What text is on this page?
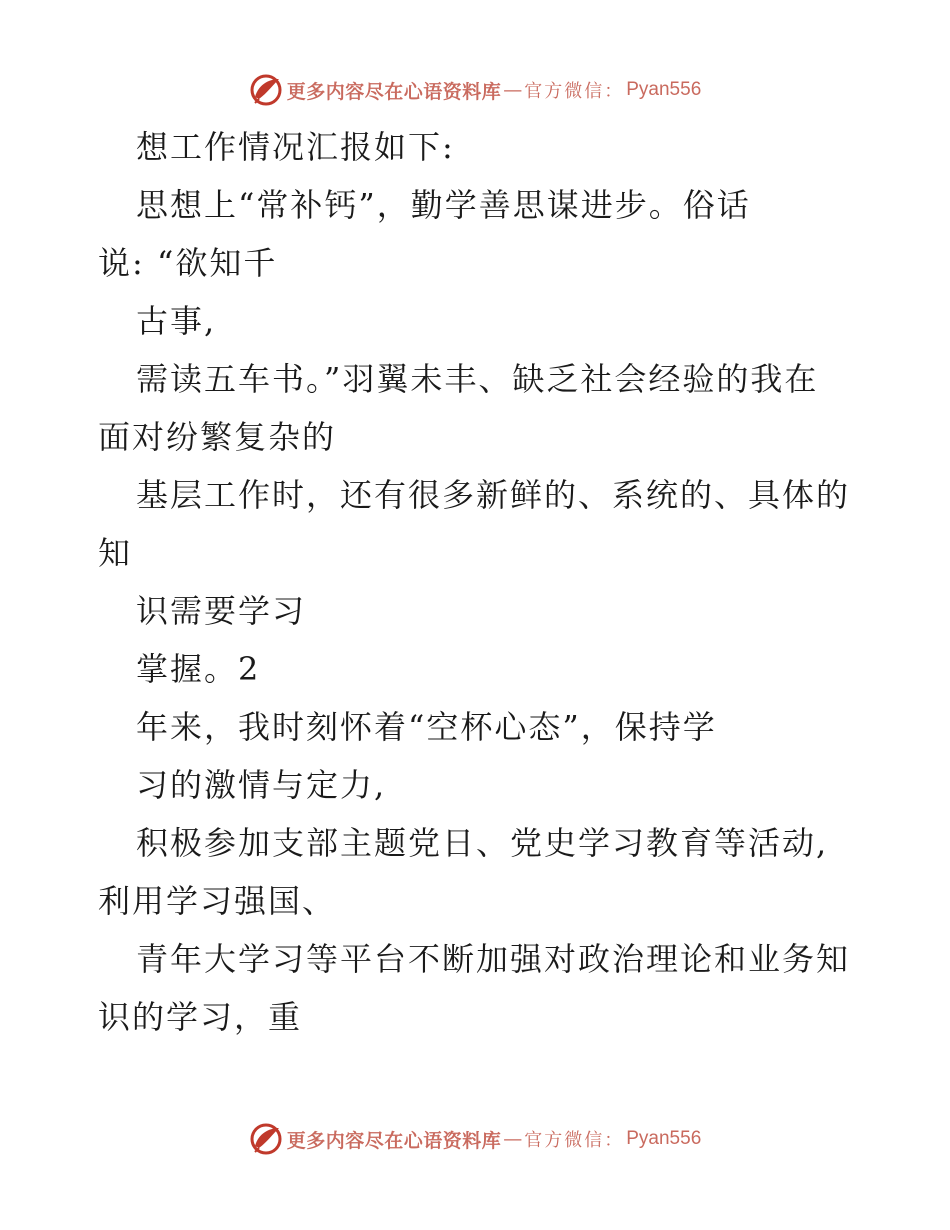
更多内容尽在心语资料库 — 官方微信： Pyan556
想工作情况汇报如下:
思想上“常补钙”，勤学善思谋进步。俗话
说: “欲知千
古事,
需读五车书。”羽翼未丰、缺乏社会经验的我在
面对纷繁复杂的
基层工作时，还有很多新鲜的、系统的、具体的
知
识需要学习
掌握。2
年来，我时刻怀着“空杯心态”，保持学
习的激情与定力,
积极参加支部主题党日、党史学习教育等活动,
利用学习强国、
青年大学习等平台不断加强对政治理论和业务知
识的学习，重
更多内容尽在心语资料库 — 官方微信： Pyan556
